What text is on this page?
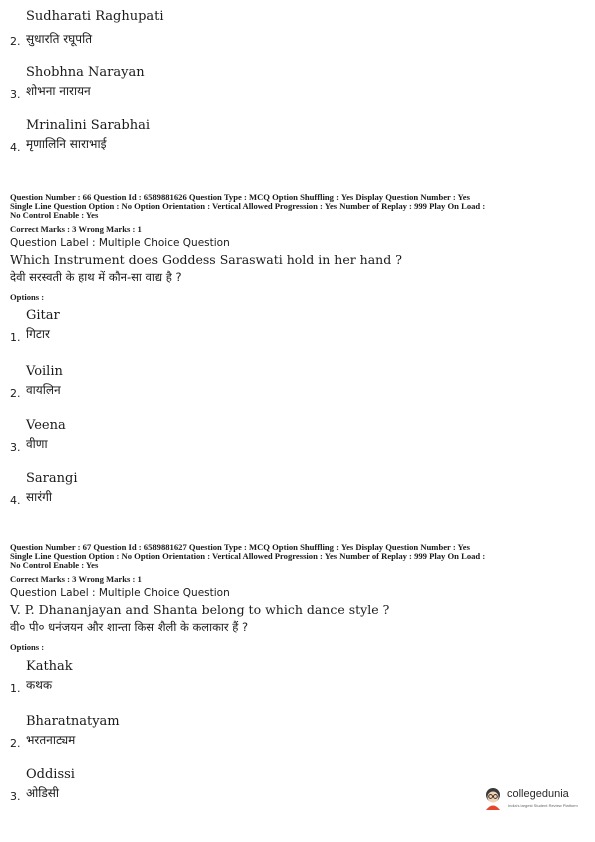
Sudharati Raghupati
2. सुधारति रघूपति
Shobhna Narayan
3. शोभना नारायन
Mrinalini Sarabhai
4. मृणालिनि साराभाई

Question Number : 66 Question Id : 6589881626 Question Type : MCQ Option Shuffling : Yes Display Question Number : Yes

Single Line Question Option : No Option Orientation : Vertical Allowed Progression : Yes Number of Replay : 999 Play On Load :

No Control Enable : Yes

Correct Marks : 3 Wrong Marks : 1
Question Label : Multiple Choice Question
Which Instrument does Goddess Saraswati hold in her hand ?
देवी सरस्वती के हाथ में कौन-सा वाद्य है ?
Options :
Gitar
1. गिटार
Voilin
2. वायलिन
Veena
3. वीणा
Sarangi
4. सारंगी

Question Number : 67 Question Id : 6589881627 Question Type : MCQ Option Shuffling : Yes Display Question Number : Yes

Single Line Question Option : No Option Orientation : Vertical Allowed Progression : Yes Number of Replay : 999 Play On Load :

No Control Enable : Yes

Correct Marks : 3 Wrong Marks : 1
Question Label : Multiple Choice Question
V. P. Dhananjayan and Shanta belong to which dance style ?
वी० पी० धनंजयन और शान्ता किस शैली के कलाकार हैं ?
Options :
Kathak
1. कथक
Bharatnatyam
2. भरतनाट्यम
Oddissi
3. ओडिसी	collegedunia
India's largest Student Review Platform
